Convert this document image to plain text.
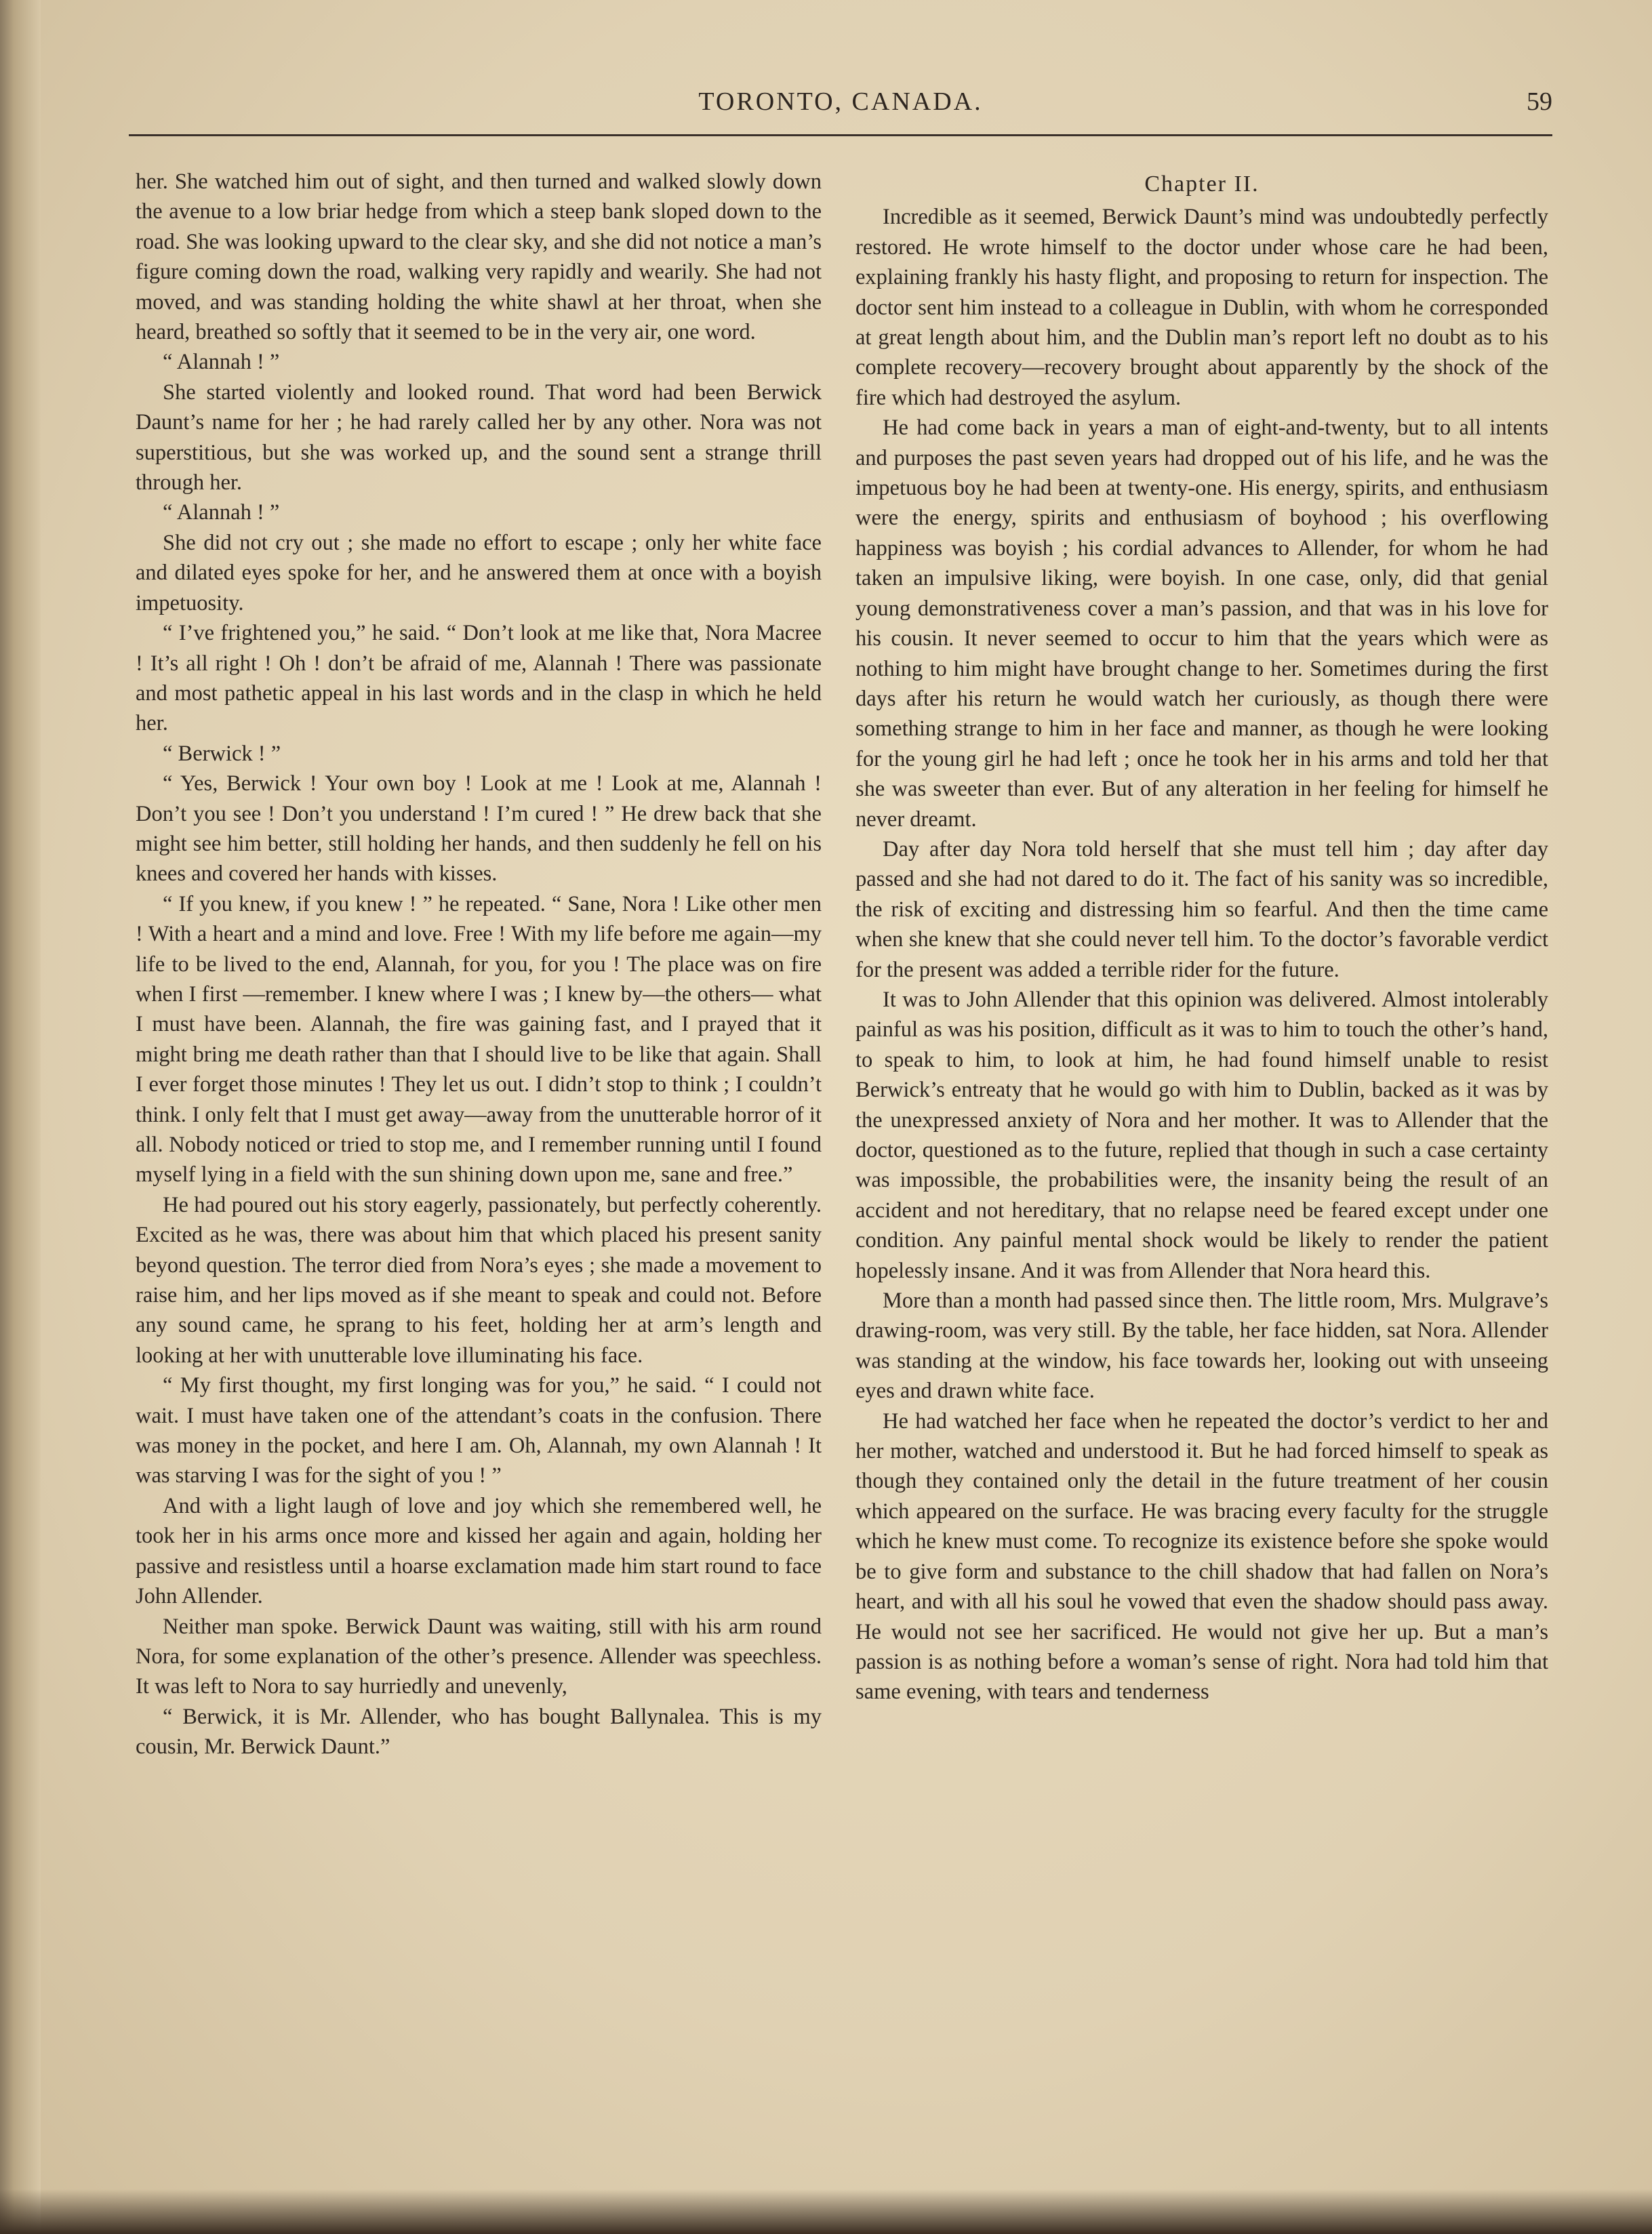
TORONTO, CANADA.	59

her. She watched him out of sight, and then turned and walked slowly down the avenue to a low briar hedge from which a steep bank sloped down to the road. She was looking upward to the clear sky, and she did not notice a man’s figure coming down the road, walking very rapidly and wearily. She had not moved, and was standing holding the white shawl at her throat, when she heard, breathed so softly that it seemed to be in the very air, one word.

“ Alannah ! ”

She started violently and looked round. That word had been Berwick Daunt’s name for her ; he had rarely called her by any other. Nora was not superstitious, but she was worked up, and the sound sent a strange thrill through her.

“ Alannah ! ”

She did not cry out ; she made no effort to escape ; only her white face and dilated eyes spoke for her, and he answered them at once with a boyish impetuosity.

“ I’ve frightened you,” he said. “ Don’t look at me like that, Nora Macree ! It’s all right ! Oh ! don’t be afraid of me, Alannah ! There was passionate and most pathetic appeal in his last words and in the clasp in which he held her.

“ Berwick ! ”

“ Yes, Berwick ! Your own boy ! Look at me ! Look at me, Alannah ! Don’t you see ! Don’t you understand ! I’m cured ! ” He drew back that she might see him better, still holding her hands, and then suddenly he fell on his knees and covered her hands with kisses.

“ If you knew, if you knew ! ” he repeated. “ Sane, Nora ! Like other men ! With a heart and a mind and love. Free ! With my life before me again—my life to be lived to the end, Alannah, for you, for you ! The place was on fire when I first —remember. I knew where I was ; I knew by—the others— what I must have been. Alannah, the fire was gaining fast, and I prayed that it might bring me death rather than that I should live to be like that again. Shall I ever forget those minutes ! They let us out. I didn’t stop to think ; I couldn’t think. I only felt that I must get away—away from the unutterable horror of it all. Nobody noticed or tried to stop me, and I remember running until I found myself lying in a field with the sun shining down upon me, sane and free.”

He had poured out his story eagerly, passionately, but perfectly coherently. Excited as he was, there was about him that which placed his present sanity beyond question. The terror died from Nora’s eyes ; she made a movement to raise him, and her lips moved as if she meant to speak and could not. Before any sound came, he sprang to his feet, holding her at arm’s length and looking at her with unutterable love illuminating his face.

“ My first thought, my first longing was for you,” he said. “ I could not wait. I must have taken one of the attendant’s coats in the confusion. There was money in the pocket, and here I am. Oh, Alannah, my own Alannah ! It was starving I was for the sight of you ! ”

And with a light laugh of love and joy which she remembered well, he took her in his arms once more and kissed her again and again, holding her passive and resistless until a hoarse exclamation made him start round to face John Allender.

Neither man spoke. Berwick Daunt was waiting, still with his arm round Nora, for some explanation of the other’s presence. Allender was speechless. It was left to Nora to say hurriedly and unevenly,

“ Berwick, it is Mr. Allender, who has bought Ballynalea. This is my cousin, Mr. Berwick Daunt.”

Chapter II.

Incredible as it seemed, Berwick Daunt’s mind was undoubtedly perfectly restored. He wrote himself to the doctor under whose care he had been, explaining frankly his hasty flight, and proposing to return for inspection. The doctor sent him instead to a colleague in Dublin, with whom he corresponded at great length about him, and the Dublin man’s report left no doubt as to his complete recovery—recovery brought about apparently by the shock of the fire which had destroyed the asylum.

He had come back in years a man of eight-and-twenty, but to all intents and purposes the past seven years had dropped out of his life, and he was the impetuous boy he had been at twenty-one. His energy, spirits, and enthusiasm were the energy, spirits and enthusiasm of boyhood ; his overflowing happiness was boyish ; his cordial advances to Allender, for whom he had taken an impulsive liking, were boyish. In one case, only, did that genial young demonstrativeness cover a man’s passion, and that was in his love for his cousin. It never seemed to occur to him that the years which were as nothing to him might have brought change to her. Sometimes during the first days after his return he would watch her curiously, as though there were something strange to him in her face and manner, as though he were looking for the young girl he had left ; once he took her in his arms and told her that she was sweeter than ever. But of any alteration in her feeling for himself he never dreamt.

Day after day Nora told herself that she must tell him ; day after day passed and she had not dared to do it. The fact of his sanity was so incredible, the risk of exciting and distressing him so fearful. And then the time came when she knew that she could never tell him. To the doctor’s favorable verdict for the present was added a terrible rider for the future.

It was to John Allender that this opinion was delivered. Almost intolerably painful as was his position, difficult as it was to him to touch the other’s hand, to speak to him, to look at him, he had found himself unable to resist Berwick’s entreaty that he would go with him to Dublin, backed as it was by the unexpressed anxiety of Nora and her mother. It was to Allender that the doctor, questioned as to the future, replied that though in such a case certainty was impossible, the probabilities were, the insanity being the result of an accident and not hereditary, that no relapse need be feared except under one condition. Any painful mental shock would be likely to render the patient hopelessly insane. And it was from Allender that Nora heard this.

More than a month had passed since then. The little room, Mrs. Mulgrave’s drawing-room, was very still. By the table, her face hidden, sat Nora. Allender was standing at the window, his face towards her, looking out with unseeing eyes and drawn white face.

He had watched her face when he repeated the doctor’s verdict to her and her mother, watched and understood it. But he had forced himself to speak as though they contained only the detail in the future treatment of her cousin which appeared on the surface. He was bracing every faculty for the struggle which he knew must come. To recognize its existence before she spoke would be to give form and substance to the chill shadow that had fallen on Nora’s heart, and with all his soul he vowed that even the shadow should pass away. He would not see her sacrificed. He would not give her up. But a man’s passion is as nothing before a woman’s sense of right. Nora had told him that same evening, with tears and tenderness
